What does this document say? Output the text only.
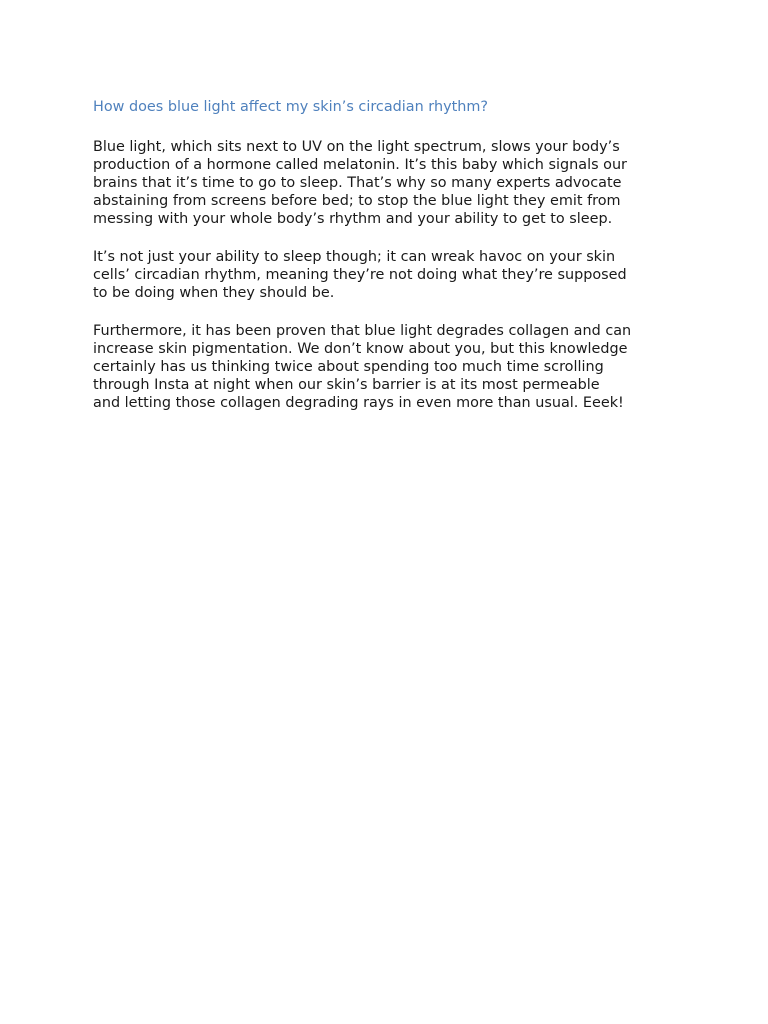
How does blue light affect my skin’s circadian rhythm?

Blue light, which sits next to UV on the light spectrum, slows your body’s
production of a hormone called melatonin. It’s this baby which signals our
brains that it’s time to go to sleep. That’s why so many experts advocate
abstaining from screens before bed; to stop the blue light they emit from
messing with your whole body’s rhythm and your ability to get to sleep.

It’s not just your ability to sleep though; it can wreak havoc on your skin
cells’ circadian rhythm, meaning they’re not doing what they’re supposed
to be doing when they should be.

Furthermore, it has been proven that blue light degrades collagen and can
increase skin pigmentation. We don’t know about you, but this knowledge
certainly has us thinking twice about spending too much time scrolling
through Insta at night when our skin’s barrier is at its most permeable
and letting those collagen degrading rays in even more than usual. Eeek!
